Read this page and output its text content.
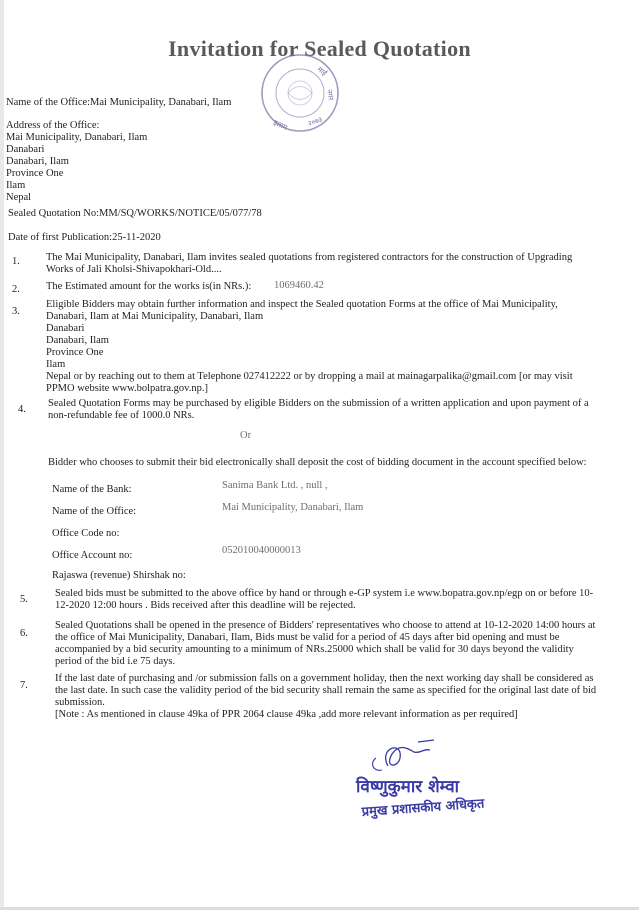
Invitation for Sealed Quotation
माई
नगर
२०७३
इलाम
Name of the Office:Mai Municipality, Danabari, Ilam
Address of the Office:
Mai Municipality, Danabari, Ilam
Danabari
Danabari, Ilam
Province One
Ilam
Nepal
Sealed Quotation No:MM/SQ/WORKS/NOTICE/05/077/78
Date of first Publication:25-11-2020
1. The Mai Municipality, Danabari, Ilam invites sealed quotations from registered contractors for the construction of Upgrading
Works of Jali Kholsi-Shivapokhari-Old....
2. The Estimated amount for the works is(in NRs.): 1069460.42
3.
Eligible Bidders may obtain further information and inspect the Sealed quotation Forms at the office of Mai Municipality,
Danabari, Ilam at Mai Municipality, Danabari, Ilam
Danabari
Danabari, Ilam
Province One
Ilam
Nepal or by reaching out to them at Telephone 027412222 or by dropping a mail at mainagarpalika@gmail.com [or may visit
PPMO website www.bolpatra.gov.np.]
4.
Sealed Quotation Forms may be purchased by eligible Bidders on the submission of a written application and upon payment of a
non-refundable fee of 1000.0 NRs.
Or
Bidder who chooses to submit their bid electronically shall deposit the cost of bidding document in the account specified below:
Name of the Bank:	Sanima Bank Ltd. , null ,
Name of the Office:	Mai Municipality, Danabari, Ilam
Office Code no:
Office Account no:	052010040000013
Rajaswa (revenue) Shirshak no:
5.
Sealed bids must be submitted to the above office by hand or through e-GP system i.e www.bopatra.gov.np/egp on or before 10-
12-2020 12:00 hours . Bids received after this deadline will be rejected.
6.
Sealed Quotations shall be opened in the presence of Bidders' representatives who choose to attend at 10-12-2020 14:00 hours at
the office of Mai Municipality, Danabari, Ilam, Bids must be valid for a period of 45 days after bid opening and must be
accompanied by a bid security amounting to a minimum of NRs.25000 which shall be valid for 30 days beyond the validity
period of the bid i.e 75 days.
7.
If the last date of purchasing and /or submission falls on a government holiday, then the next working day shall be considered as
the last date. In such case the validity period of the bid security shall remain the same as specified for the original last date of bid
submission.
[Note : As mentioned in clause 49ka of PPR 2064 clause 49ka ,add more relevant information as per required]
विष्णुकुमार शेम्वा
प्रमुख प्रशासकीय अधिकृत
